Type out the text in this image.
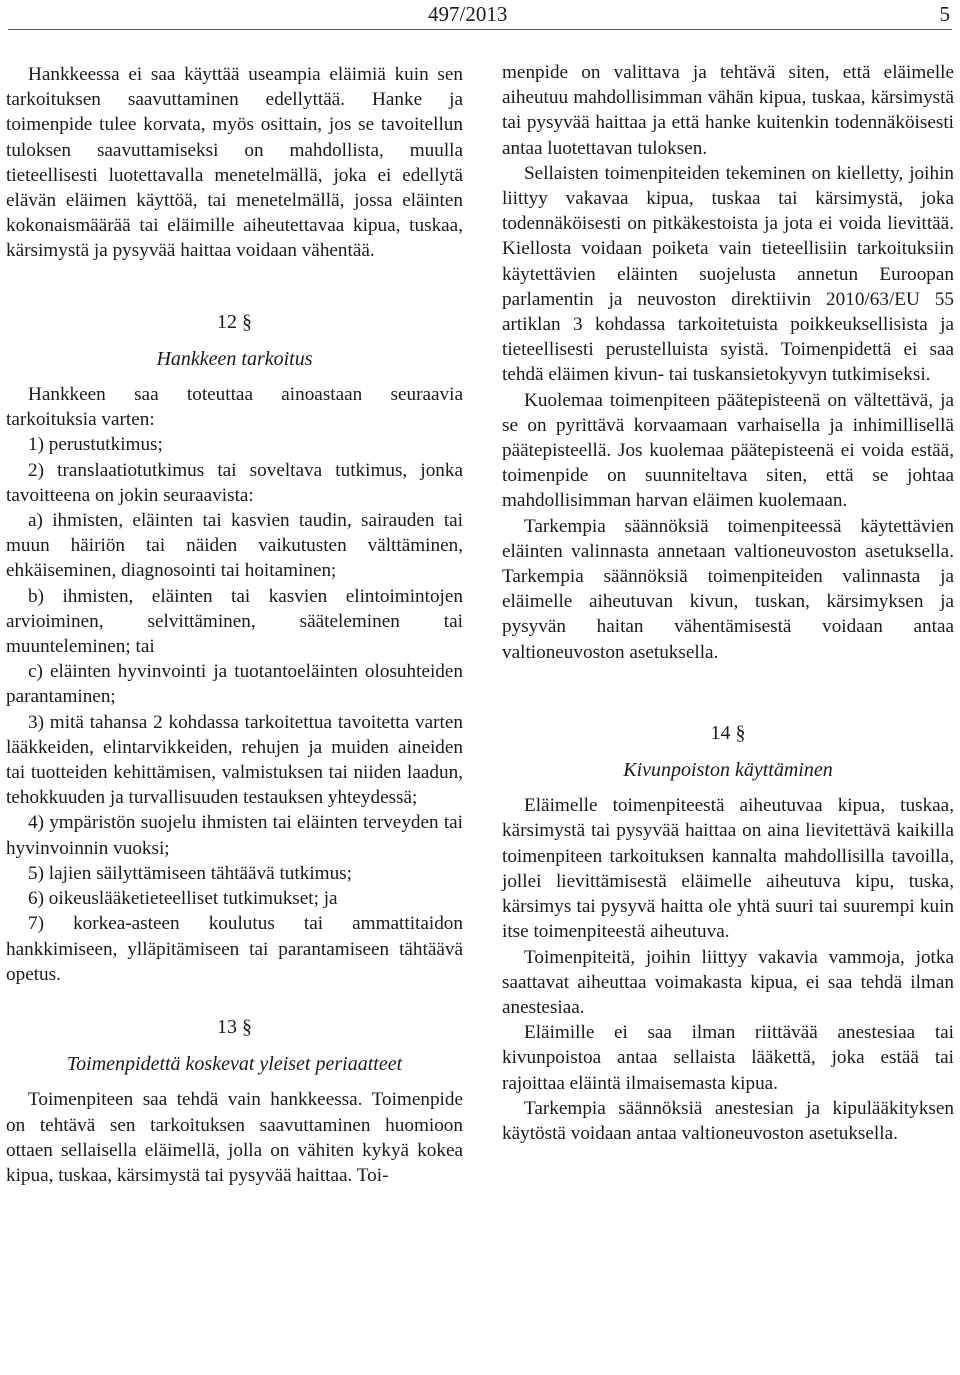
497/2013	5

Hankkeessa ei saa käyttää useampia eläimiä kuin sen tarkoituksen saavuttaminen edellyttää. Hanke ja toimenpide tulee korvata, myös osittain, jos se tavoitellun tuloksen saavuttamiseksi on mahdollista, muulla tieteellisesti luotettavalla menetelmällä, joka ei edellytä elävän eläimen käyttöä, tai menetelmällä, jossa eläinten kokonaismäärää tai eläimille aiheutettavaa kipua, tuskaa, kärsimystä ja pysyvää haittaa voidaan vähentää.

12 §
Hankkeen tarkoitus

Hankkeen saa toteuttaa ainoastaan seuraavia tarkoituksia varten:

1) perustutkimus;

2) translaatiotutkimus tai soveltava tutkimus, jonka tavoitteena on jokin seuraavista:

a) ihmisten, eläinten tai kasvien taudin, sairauden tai muun häiriön tai näiden vaikutusten välttäminen, ehkäiseminen, diagnosointi tai hoitaminen;

b) ihmisten, eläinten tai kasvien elintoimintojen arvioiminen, selvittäminen, säätelеminen tai muunteleminen; tai

c) eläinten hyvinvointi ja tuotantoeläinten olosuhteiden parantaminen;

3) mitä tahansa 2 kohdassa tarkoitettua tavoitetta varten lääkkeiden, elintarvikkeiden, rehujen ja muiden aineiden tai tuotteiden kehittämisen, valmistuksen tai niiden laadun, tehokkuuden ja turvallisuuden testauksen yhteydessä;

4) ympäristön suojelu ihmisten tai eläinten terveyden tai hyvinvoinnin vuoksi;

5) lajien säilyttämiseen tähtäävä tutkimus;

6) oikeuslääketieteelliset tutkimukset; ja

7) korkea-asteen koulutus tai ammattitaidon hankkimiseen, ylläpitämiseen tai parantamiseen tähtäävä opetus.

13 §
Toimenpidettä koskevat yleiset periaatteet

Toimenpiteen saa tehdä vain hankkeessa. Toimenpide on tehtävä sen tarkoituksen saavuttaminen huomioon ottaen sellaisella eläimellä, jolla on vähiten kykyä kokea kipua, tuskaa, kärsimystä tai pysyvää haittaa. Toi-

menpide on valittava ja tehtävä siten, että eläimelle aiheutuu mahdollisimman vähän kipua, tuskaa, kärsimystä tai pysyvää haittaa ja että hanke kuitenkin todennäköisesti antaa luotettavan tuloksen.

Sellaisten toimenpiteiden tekeminen on kielletty, joihin liittyy vakavaa kipua, tuskaa tai kärsimystä, joka todennäköisesti on pitkäkestoista ja jota ei voida lievittää. Kiellosta voidaan poiketa vain tieteellisiin tarkoituksiin käytettävien eläinten suojelusta annetun Euroopan parlamentin ja neuvoston direktiivin 2010/63/EU 55 artiklan 3 kohdassa tarkoitetuista poikkeuksellisista ja tieteellisesti perustelluista syistä. Toimenpidettä ei saa tehdä eläimen kivun- tai tuskansietokyvyn tutkimiseksi.

Kuolemaa toimenpiteen päätepisteenä on vältettävä, ja se on pyrittävä korvaamaan varhaisella ja inhimillisellä päätepisteellä. Jos kuolemaa päätepisteenä ei voida estää, toimenpide on suunniteltava siten, että se johtaa mahdollisimman harvan eläimen kuolemaan.

Tarkempia säännöksiä toimenpiteessä käytettävien eläinten valinnasta annetaan valtioneuvoston asetuksella. Tarkempia säännöksiä toimenpiteiden valinnasta ja eläimelle aiheutuvan kivun, tuskan, kärsimyksen ja pysyvän haitan vähentämisestä voidaan antaa valtioneuvoston asetuksella.

14 §
Kivunpoiston käyttäminen

Eläimelle toimenpiteestä aiheutuvaa kipua, tuskaa, kärsimystä tai pysyvää haittaa on aina lievitettävä kaikilla toimenpiteen tarkoituksen kannalta mahdollisilla tavoilla, jollei lievittämisestä eläimelle aiheutuva kipu, tuska, kärsimys tai pysyvä haitta ole yhtä suuri tai suurempi kuin itse toimenpiteestä aiheutuva.

Toimenpiteitä, joihin liittyy vakavia vammoja, jotka saattavat aiheuttaa voimakasta kipua, ei saa tehdä ilman anestesiaa.

Eläimille ei saa ilman riittävää anestesiaa tai kivunpoistoa antaa sellaista lääkettä, joka estää tai rajoittaa eläintä ilmaisemasta kipua.

Tarkempia säännöksiä anestesian ja kipulääkityksen käytöstä voidaan antaa valtioneuvoston asetuksella.
